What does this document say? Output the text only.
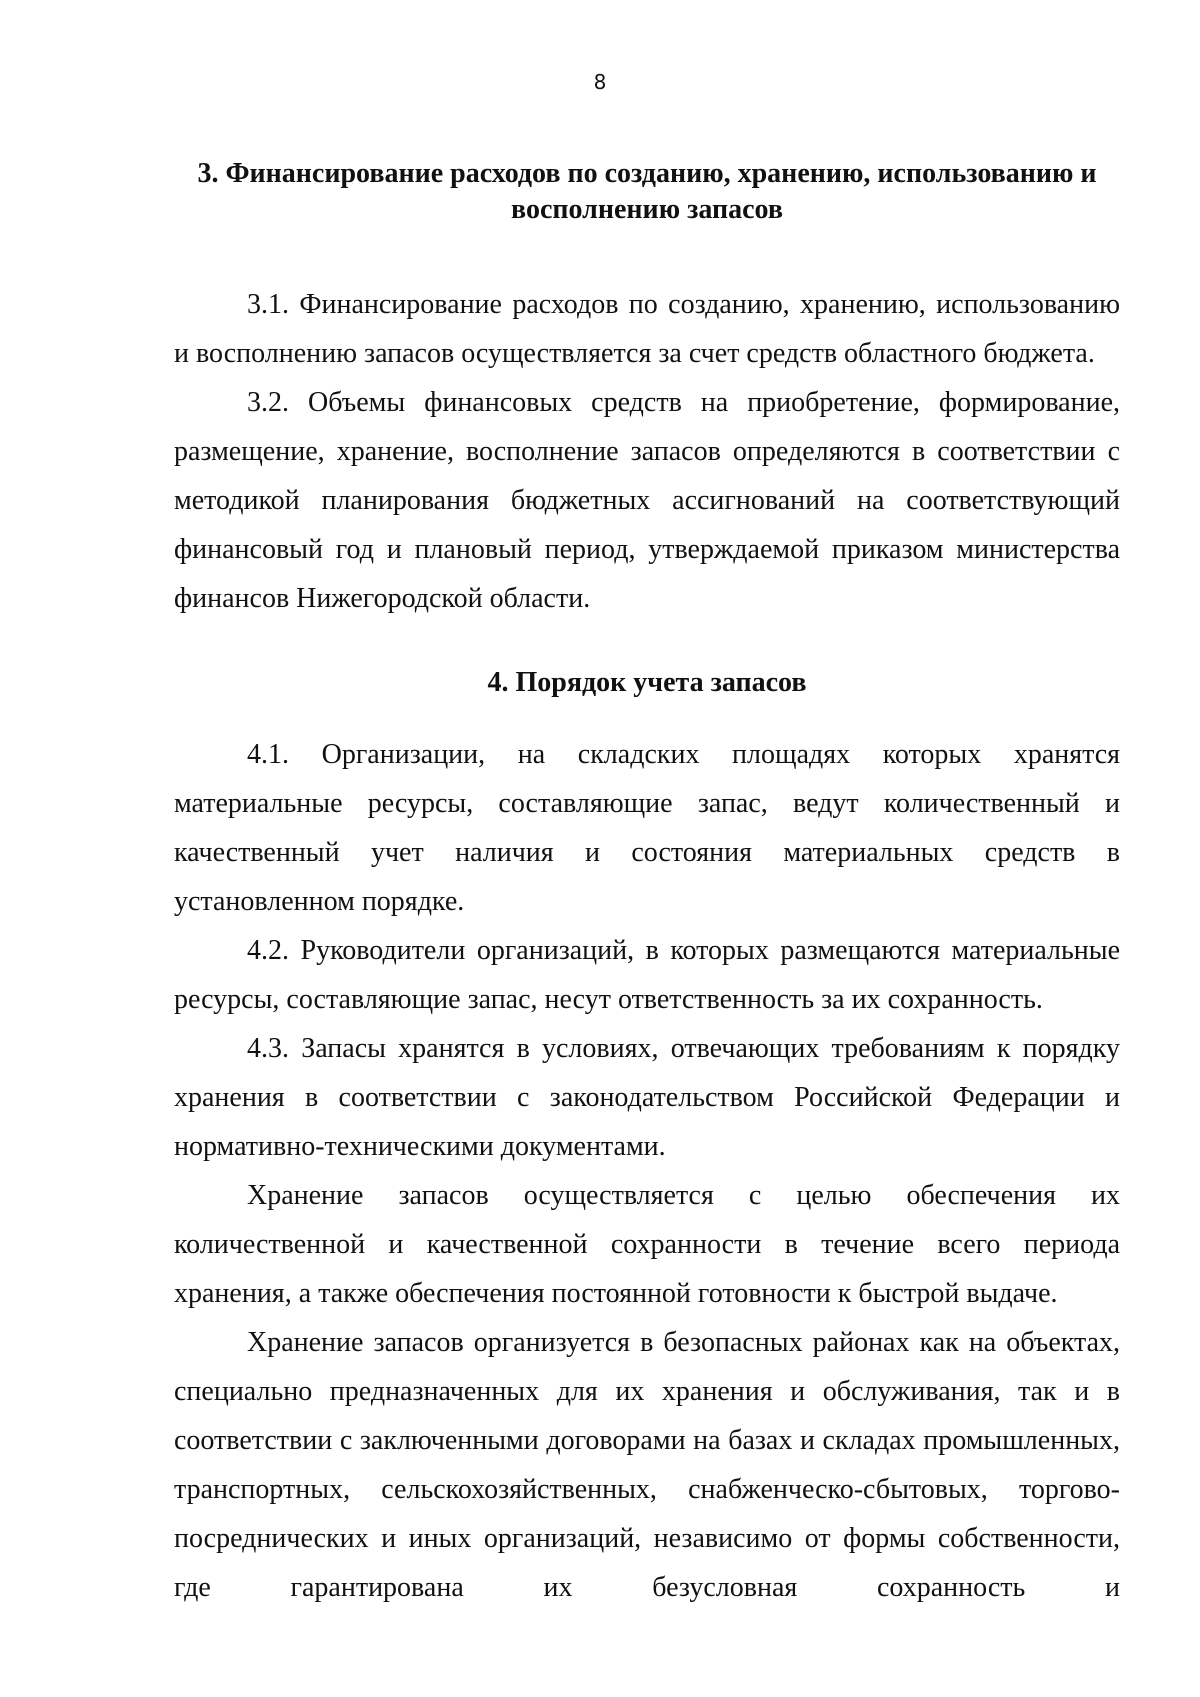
8
3. Финансирование расходов по созданию, хранению, использованию и
восполнению запасов

3.1. Финансирование расходов по созданию, хранению, использованию и восполнению запасов осуществляется за счет средств областного бюджета.

3.2. Объемы финансовых средств на приобретение, формирование, размещение, хранение, восполнение запасов определяются в соответствии с методикой планирования бюджетных ассигнований на соответствующий финансовый год и плановый период, утверждаемой приказом министерства финансов Нижегородской области.

4. Порядок учета запасов

4.1. Организации, на складских площадях которых хранятся материальные ресурсы, составляющие запас, ведут количественный и качественный учет наличия и состояния материальных средств в установленном порядке.

4.2. Руководители организаций, в которых размещаются материальные ресурсы, составляющие запас, несут ответственность за их сохранность.

4.3. Запасы хранятся в условиях, отвечающих требованиям к порядку хранения в соответствии с законодательством Российской Федерации и нормативно-техническими документами.

Хранение запасов осуществляется с целью обеспечения их количественной и качественной сохранности в течение всего периода хранения, а также обеспечения постоянной готовности к быстрой выдаче.

Хранение запасов организуется в безопасных районах как на объектах, специально предназначенных для их хранения и обслуживания, так и в соответствии с заключенными договорами на базах и складах промышленных, транспортных, сельскохозяйственных, снабженческо-сбытовых, торгово-посреднических и иных организаций, независимо от формы собственности, где гарантирована их безусловная сохранность и
